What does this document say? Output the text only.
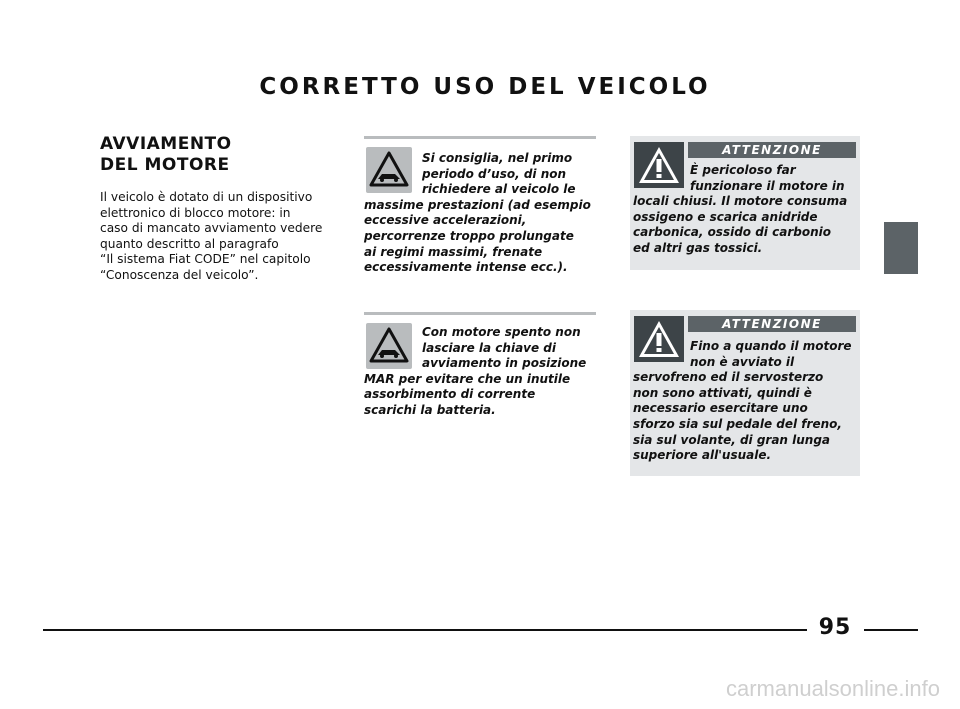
CORRETTO USO DEL VEICOLO
AVVIAMENTO
DEL MOTORE
Il veicolo è dotato di un dispositivo
elettronico di blocco motore: in
caso di mancato avviamento vedere
quanto descritto al paragrafo
“Il sistema Fiat CODE” nel capitolo
“Conoscenza del veicolo”.
Si consiglia, nel primo
periodo d’uso, di non
richiedere al veicolo le
massime prestazioni (ad esempio
eccessive accelerazioni,
percorrenze troppo prolungate
ai regimi massimi, frenate
eccessivamente intense ecc.).
Con motore spento non
lasciare la chiave di
avviamento in posizione
MAR per evitare che un inutile
assorbimento di corrente
scarichi la batteria.
ATTENZIONE
È pericoloso far
funzionare il motore in
locali chiusi. Il motore consuma
ossigeno e scarica anidride
carbonica, ossido di carbonio
ed altri gas tossici.
ATTENZIONE
Fino a quando il motore
non è avviato il
servofreno ed il servosterzo
non sono attivati, quindi è
necessario esercitare uno
sforzo sia sul pedale del freno,
sia sul volante, di gran lunga
superiore all'usuale.
95
carmanualsonline.info
